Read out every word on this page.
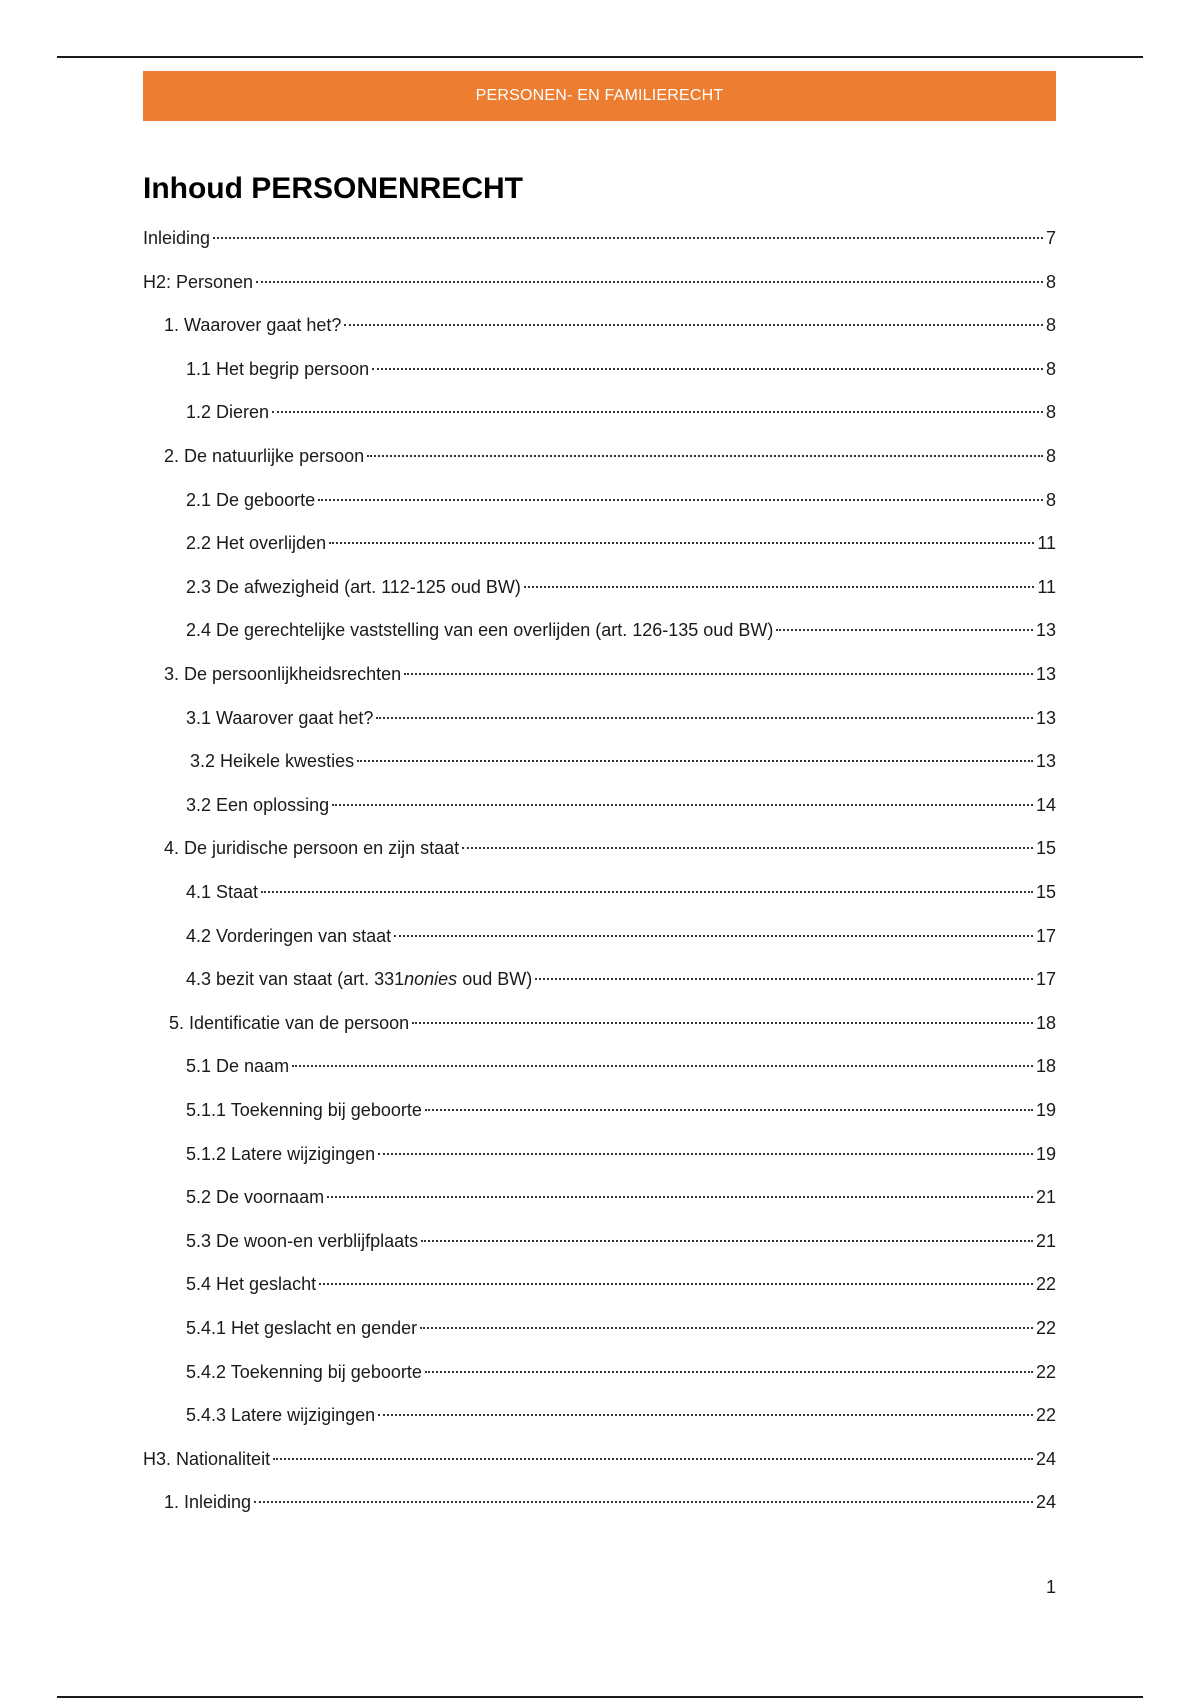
PERSONEN- EN FAMILIERECHT
Inhoud PERSONENRECHT
Inleiding	7
H2: Personen	8
1. Waarover gaat het?	8
1.1 Het begrip persoon	8
1.2 Dieren	8
2. De natuurlijke persoon	8
2.1 De geboorte	8
2.2 Het overlijden	11
2.3 De afwezigheid (art. 112-125 oud BW)	11
2.4 De gerechtelijke vaststelling van een overlijden (art. 126-135 oud BW)	13
3. De persoonlijkheidsrechten	13
3.1 Waarover gaat het?	13
3.2 Heikele kwesties	13
3.2 Een oplossing	14
4. De juridische persoon en zijn staat	15
4.1 Staat	15
4.2 Vorderingen van staat	17
4.3 bezit van staat (art. 331nonies oud BW)	17
5. Identificatie van de persoon	18
5.1 De naam	18
5.1.1 Toekenning bij geboorte	19
5.1.2 Latere wijzigingen	19
5.2 De voornaam	21
5.3 De woon-en verblijfplaats	21
5.4 Het geslacht	22
5.4.1 Het geslacht en gender	22
5.4.2 Toekenning bij geboorte	22
5.4.3 Latere wijzigingen	22
H3. Nationaliteit	24
1. Inleiding	24
1
